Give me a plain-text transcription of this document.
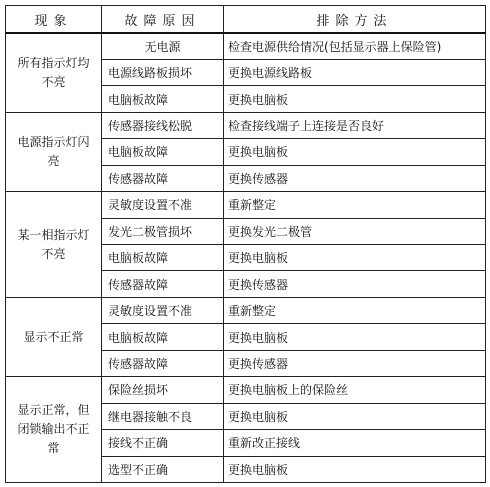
现象	故障原因	排除方法
所有指示灯均不亮	无电源	检查电源供给情况(包括显示器上保险管)
	电源线路板损坏	更换电源线路板
	电脑板故障	更换电脑板
电源指示灯闪亮	传感器接线松脱	检查接线端子上连接是否良好
	电脑板故障	更换电脑板
	传感器故障	更换传感器
某一相指示灯不亮	灵敏度设置不准	重新整定
	发光二极管损坏	更换发光二极管
	电脑板故障	更换电脑板
	传感器故障	更换传感器
显示不正常	灵敏度设置不准	重新整定
	电脑板故障	更换电脑板
	传感器故障	更换传感器
显示正常，但闭锁输出不正常	保险丝损坏	更换电脑板上的保险丝
	继电器接触不良	更换电脑板
	接线不正确	重新改正接线
	选型不正确	更换电脑板
